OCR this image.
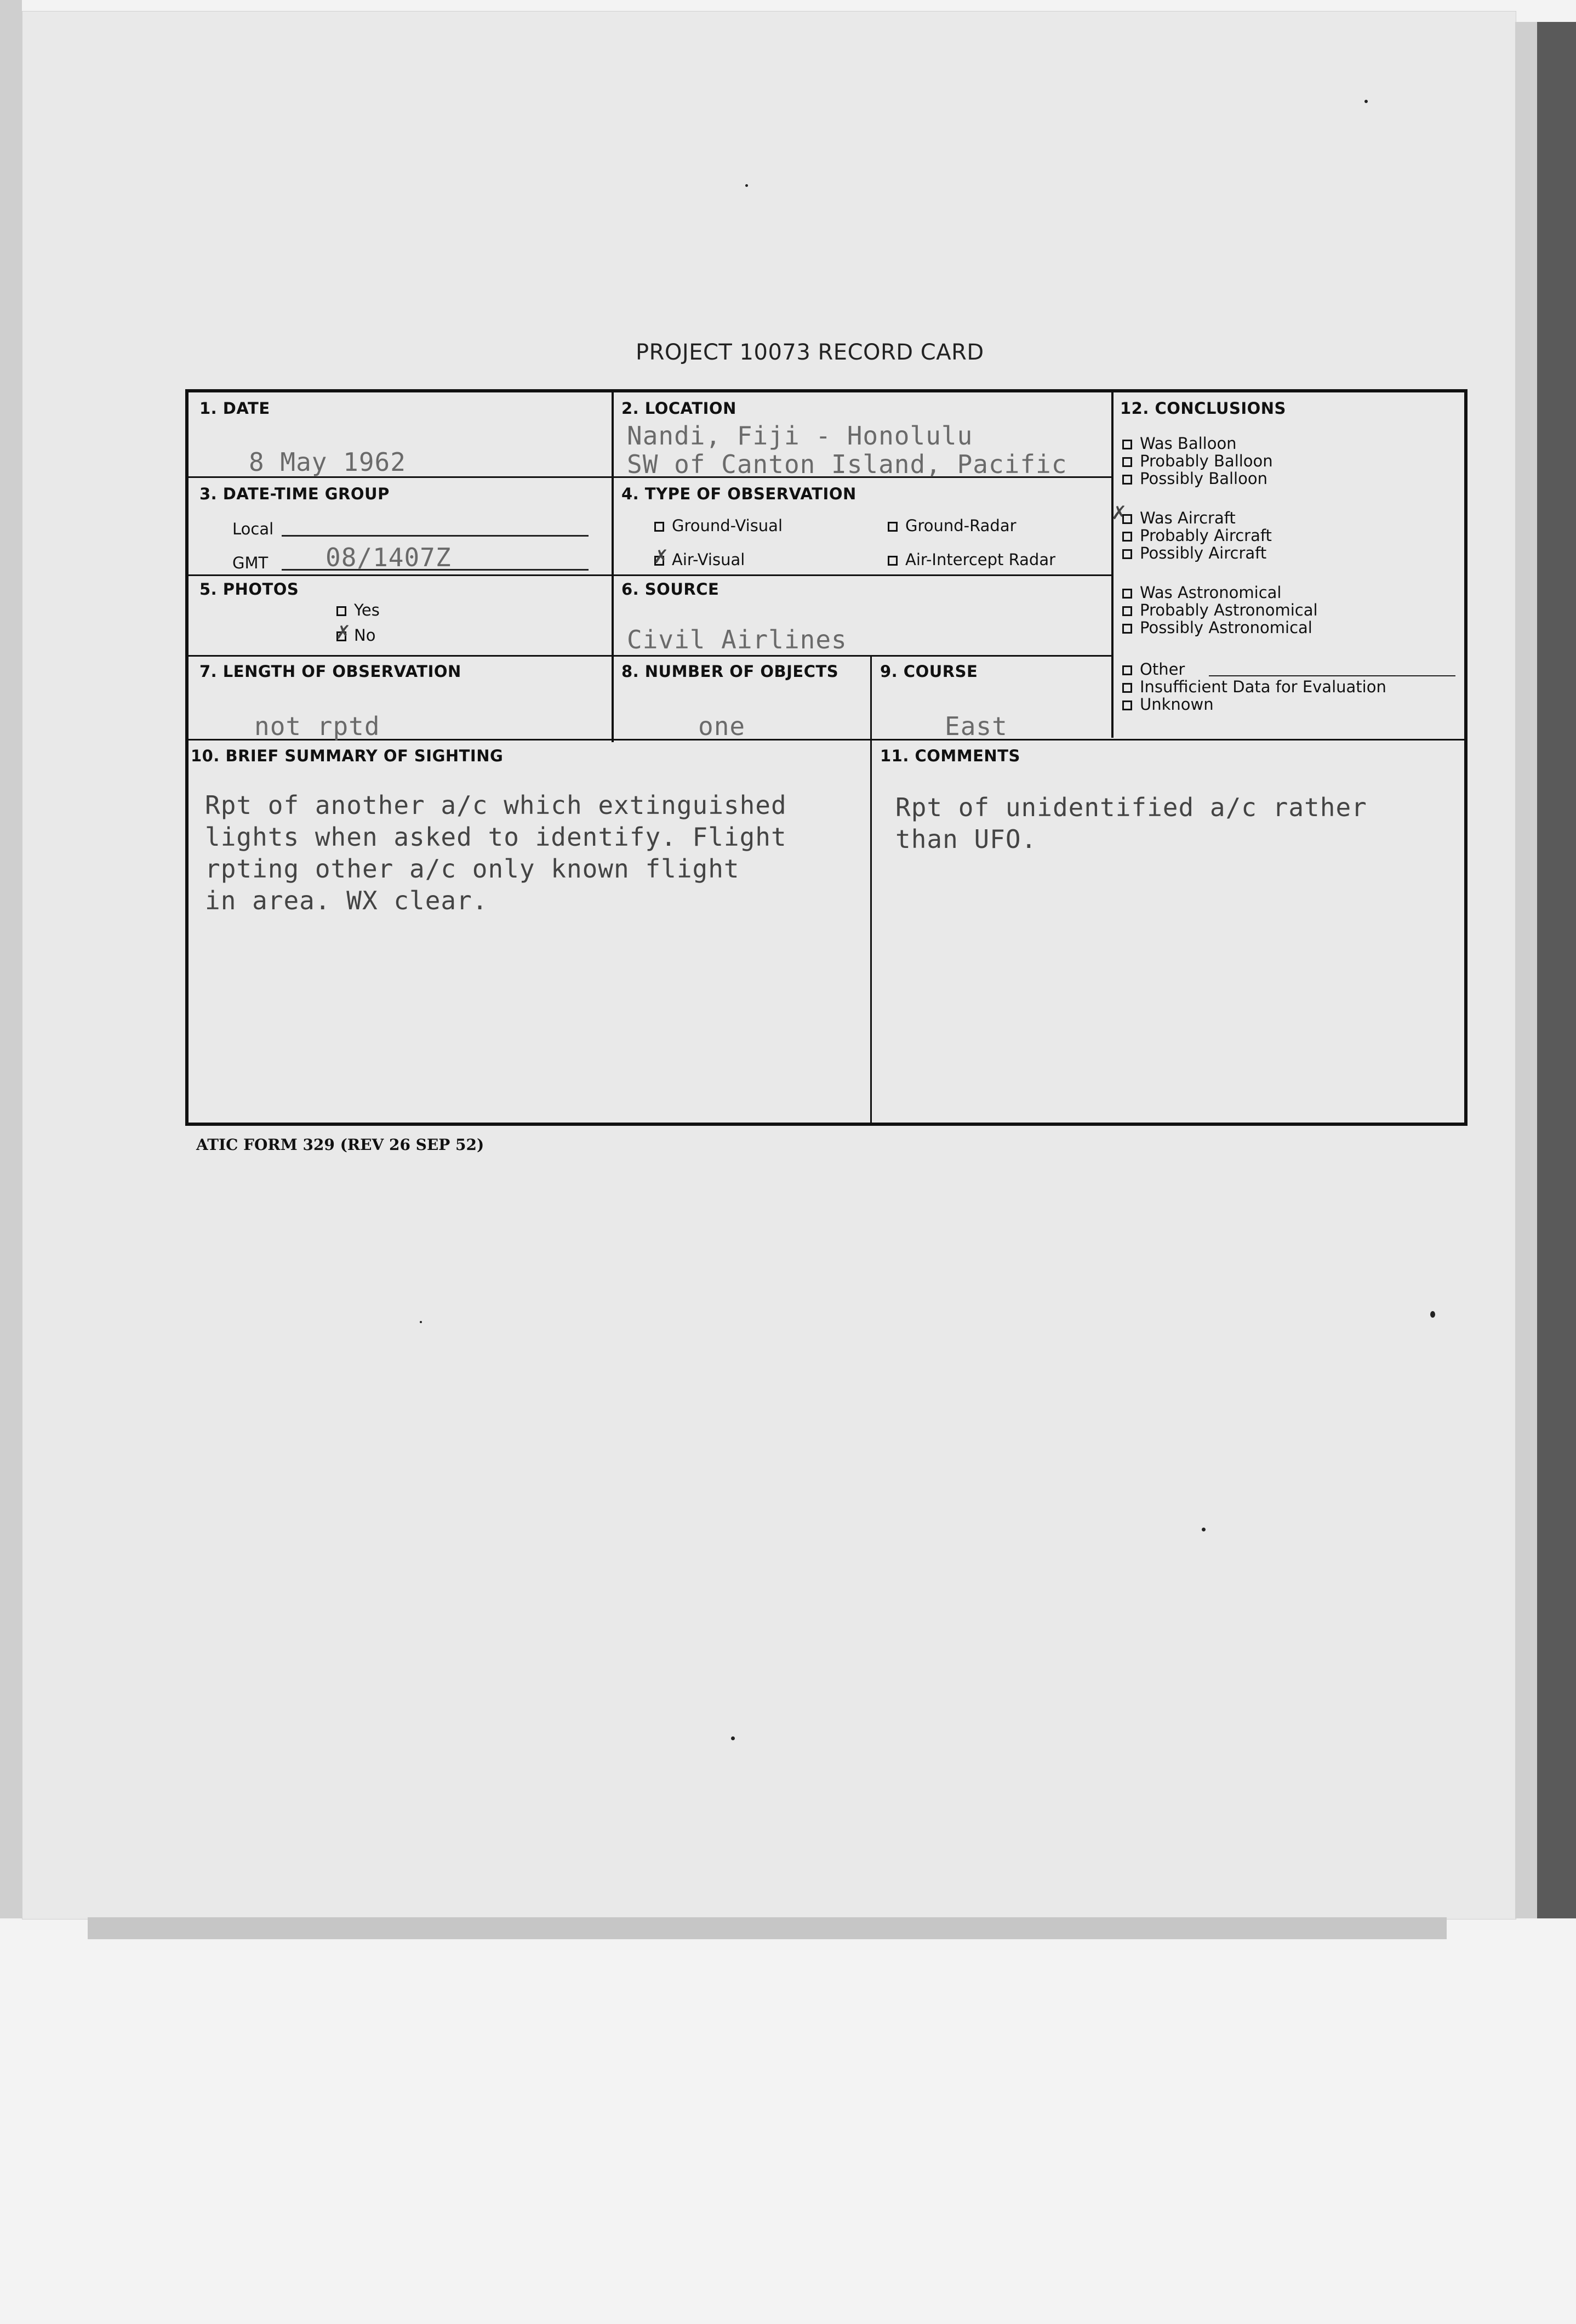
PROJECT 10073 RECORD CARD
1. DATE
8 May 1962
2. LOCATION
Nandi, Fiji - Honolulu
SW of Canton Island, Pacific
3. DATE-TIME GROUP
Local
GMT 08/1407Z
4. TYPE OF OBSERVATION
Ground-Visual	Ground-Radar
Air-Visual
✗	Air-Intercept Radar
5. PHOTOS
Yes
No
✗
6. SOURCE
Civil Airlines
7. LENGTH OF OBSERVATION
not rptd
8. NUMBER OF OBJECTS
one
9. COURSE
East
10. BRIEF SUMMARY OF SIGHTING
Rpt of another a/c which extinguished
lights when asked to identify. Flight
rpting other a/c only known flight
in area. WX clear.
11. COMMENTS
Rpt of unidentified a/c rather
than UFO.
12. CONCLUSIONS
Was Balloon
Probably Balloon
Possibly Balloon
Was Aircraft
✗
Probably Aircraft
Possibly Aircraft
Was Astronomical
Probably Astronomical
Possibly Astronomical
Other
Insufficient Data for Evaluation
Unknown
ATIC FORM 329 (REV 26 SEP 52)
